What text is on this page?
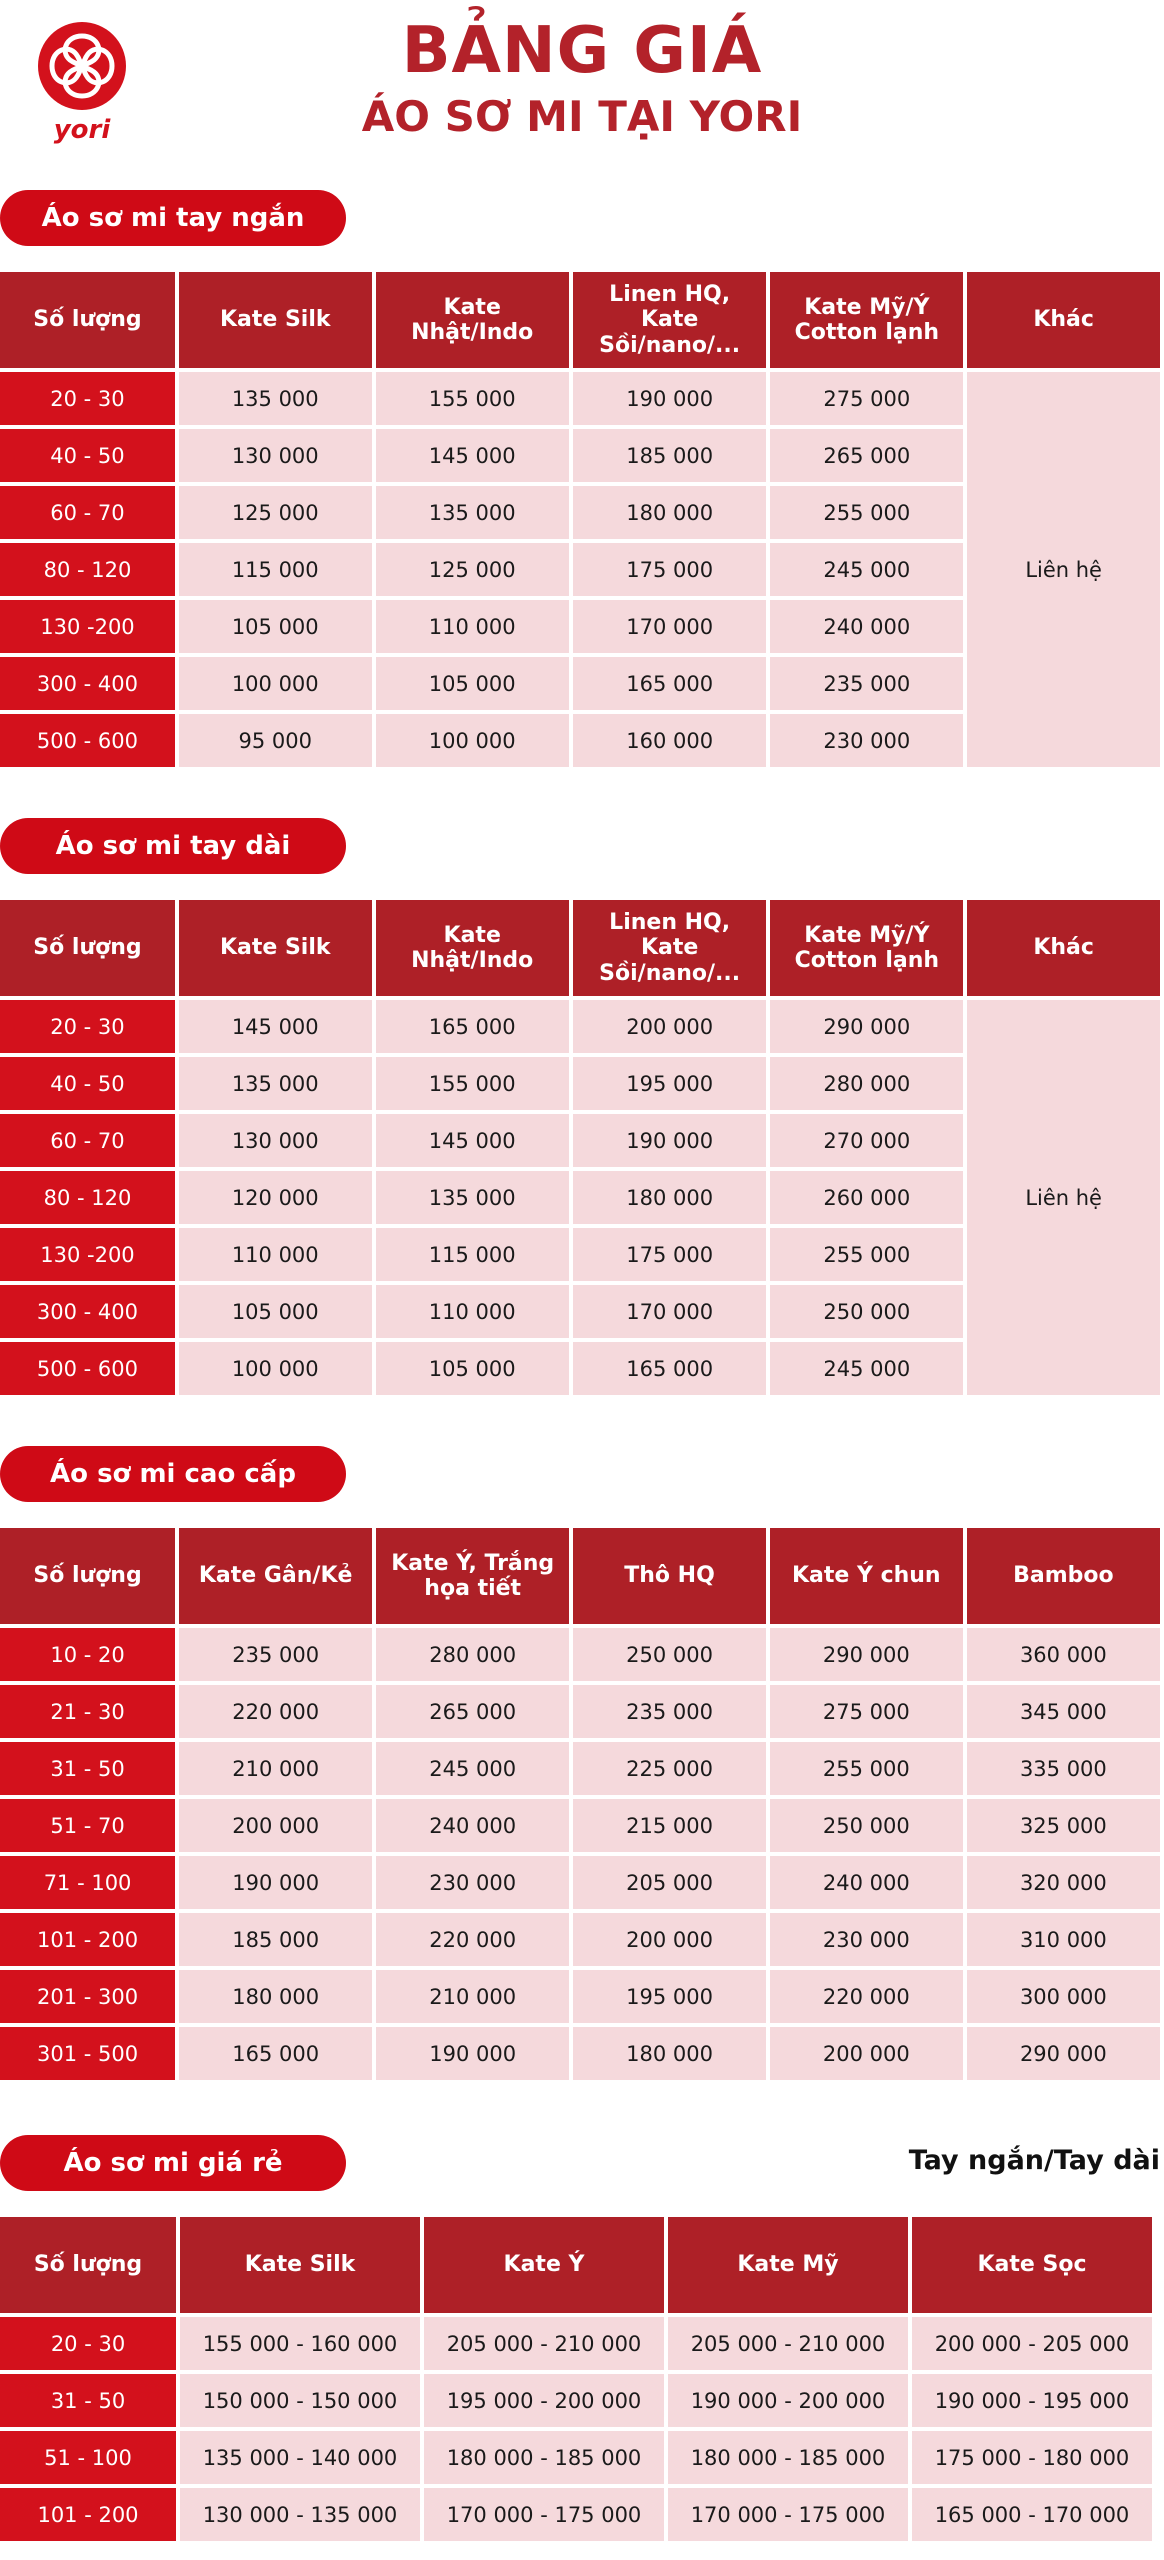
yori
BẢNG GIÁ
ÁO SƠ MI TẠI YORI
Áo sơ mi tay ngắn
Số lượng	Kate Silk	Kate Nhật/Indo	Linen HQ, Kate Sồi/nano/...	Kate Mỹ/Ý Cotton lạnh	Khác
20 - 30	135 000	155 000	190 000	275 000	Liên hệ
40 - 50	130 000	145 000	185 000	265 000	
60 - 70	125 000	135 000	180 000	255 000	
80 - 120	115 000	125 000	175 000	245 000	
130 -200	105 000	110 000	170 000	240 000	
300 - 400	100 000	105 000	165 000	235 000	
500 - 600	95 000	100 000	160 000	230 000	
Áo sơ mi tay dài
Số lượng	Kate Silk	Kate Nhật/Indo	Linen HQ, Kate Sồi/nano/...	Kate Mỹ/Ý Cotton lạnh	Khác
20 - 30	145 000	165 000	200 000	290 000	Liên hệ
40 - 50	135 000	155 000	195 000	280 000	
60 - 70	130 000	145 000	190 000	270 000	
80 - 120	120 000	135 000	180 000	260 000	
130 -200	110 000	115 000	175 000	255 000	
300 - 400	105 000	110 000	170 000	250 000	
500 - 600	100 000	105 000	165 000	245 000	
Áo sơ mi cao cấp
Số lượng	Kate Gân/Kẻ	Kate Ý, Trắng họa tiết	Thô HQ	Kate Ý chun	Bamboo
10 - 20	235 000	280 000	250 000	290 000	360 000
21 - 30	220 000	265 000	235 000	275 000	345 000
31 - 50	210 000	245 000	225 000	255 000	335 000
51 - 70	200 000	240 000	215 000	250 000	325 000
71 - 100	190 000	230 000	205 000	240 000	320 000
101 - 200	185 000	220 000	200 000	230 000	310 000
201 - 300	180 000	210 000	195 000	220 000	300 000
301 - 500	165 000	190 000	180 000	200 000	290 000
Áo sơ mi giá rẻ	Tay ngắn/Tay dài
Số lượng	Kate Silk	Kate Ý	Kate Mỹ	Kate Sọc
20 - 30	155 000 - 160 000	205 000 - 210 000	205 000 - 210 000	200 000 - 205 000
31 - 50	150 000 - 150 000	195 000 - 200 000	190 000 - 200 000	190 000 - 195 000
51 - 100	135 000 - 140 000	180 000 - 185 000	180 000 - 185 000	175 000 - 180 000
101 - 200	130 000 - 135 000	170 000 - 175 000	170 000 - 175 000	165 000 - 170 000
